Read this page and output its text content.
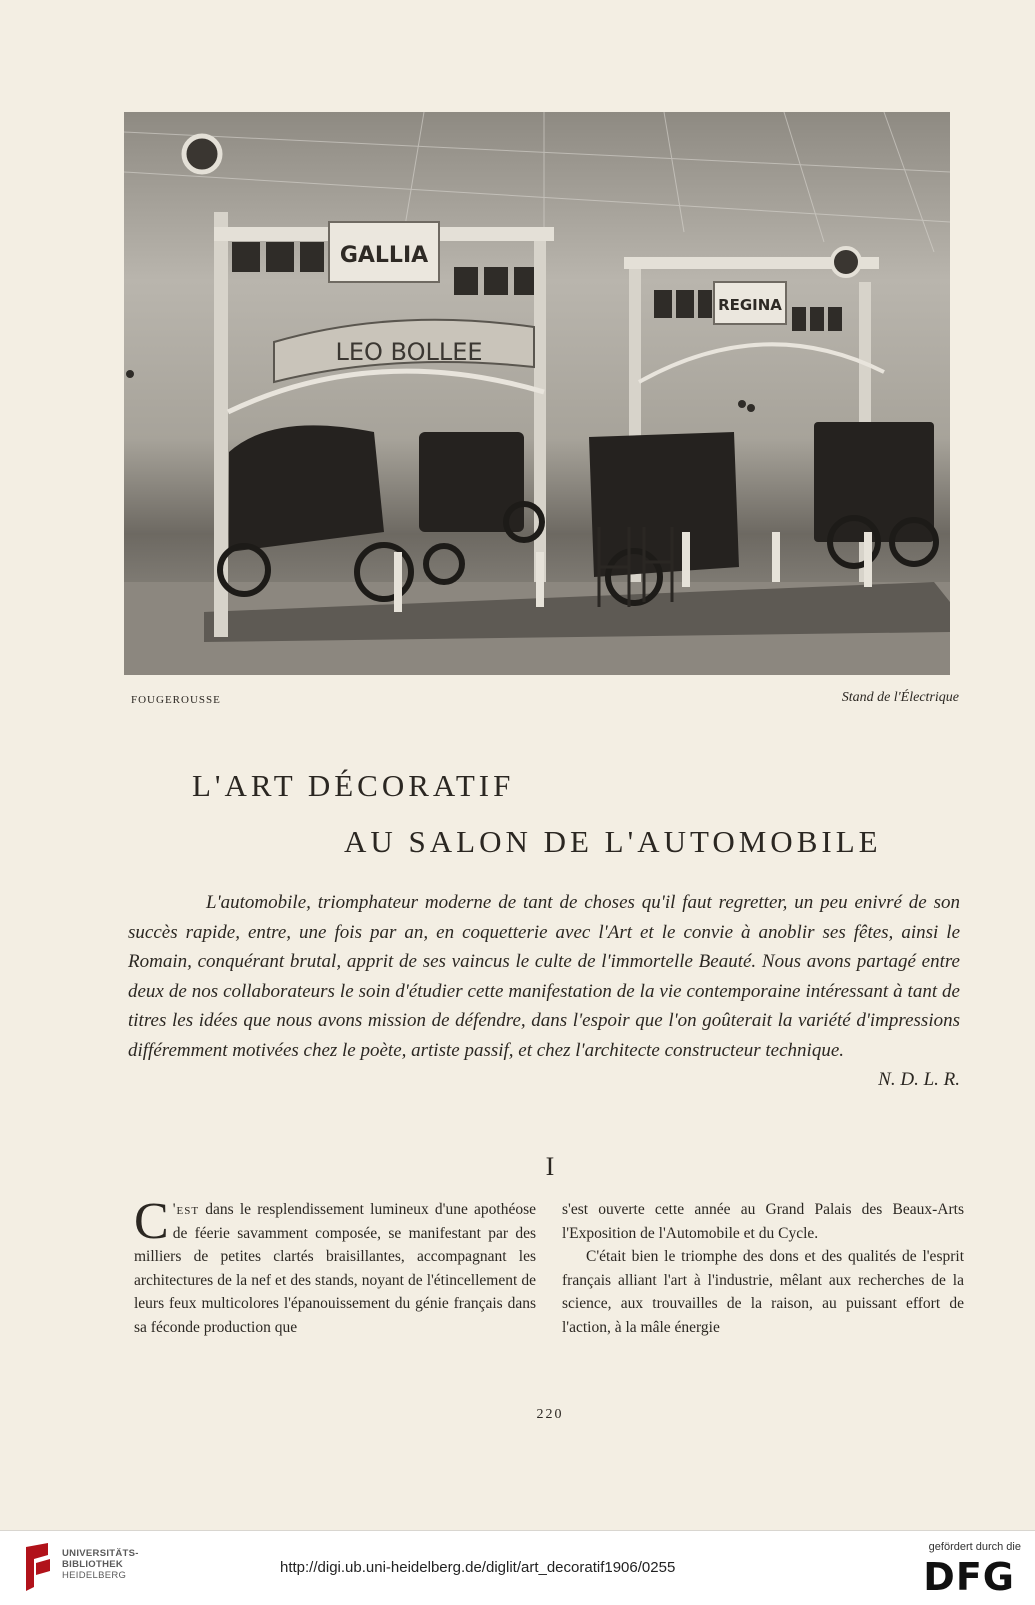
GALLIA
REGINA
LEO BOLLEE
FOUGEROUSSE	Stand de l'Électrique
L'ART DÉCORATIF
AU SALON DE L'AUTOMOBILE

L'automobile, triomphateur moderne de tant de choses qu'il faut regretter, un peu enivré de son succès rapide, entre, une fois par an, en coquetterie avec l'Art et le convie à anoblir ses fêtes, ainsi le Romain, conquérant brutal, apprit de ses vaincus le culte de l'immortelle Beauté. Nous avons partagé entre deux de nos collaborateurs le soin d'étudier cette manifestation de la vie contemporaine intéressant à tant de titres les idées que nous avons mission de défendre, dans l'espoir que l'on goûterait la variété d'impressions différemment motivées chez le poète, artiste passif, et chez l'architecte constructeur technique.
N. D. L. R.

I

C 'est dans le resplendissement lumineux d'une apothéose de féerie savamment composée, se manifestant par des milliers de petites clartés braisillantes, accompagnant les architectures de la nef et des stands, noyant de l'étincellement de leurs feux multicolores l'épanouissement du génie français dans sa féconde production que

s'est ouverte cette année au Grand Palais des Beaux-Arts l'Exposition de l'Automobile et du Cycle.

C'était bien le triomphe des dons et des qualités de l'esprit français alliant l'art à l'industrie, mêlant aux recherches de la science, aux trouvailles de la raison, au puissant effort de l'action, à la mâle énergie

220
UNIVERSITÄTS-
BIBLIOTHEK
HEIDELBERG	http://digi.ub.uni-heidelberg.de/diglit/art_decoratif1906/0255
gefördert durch die
DFG
